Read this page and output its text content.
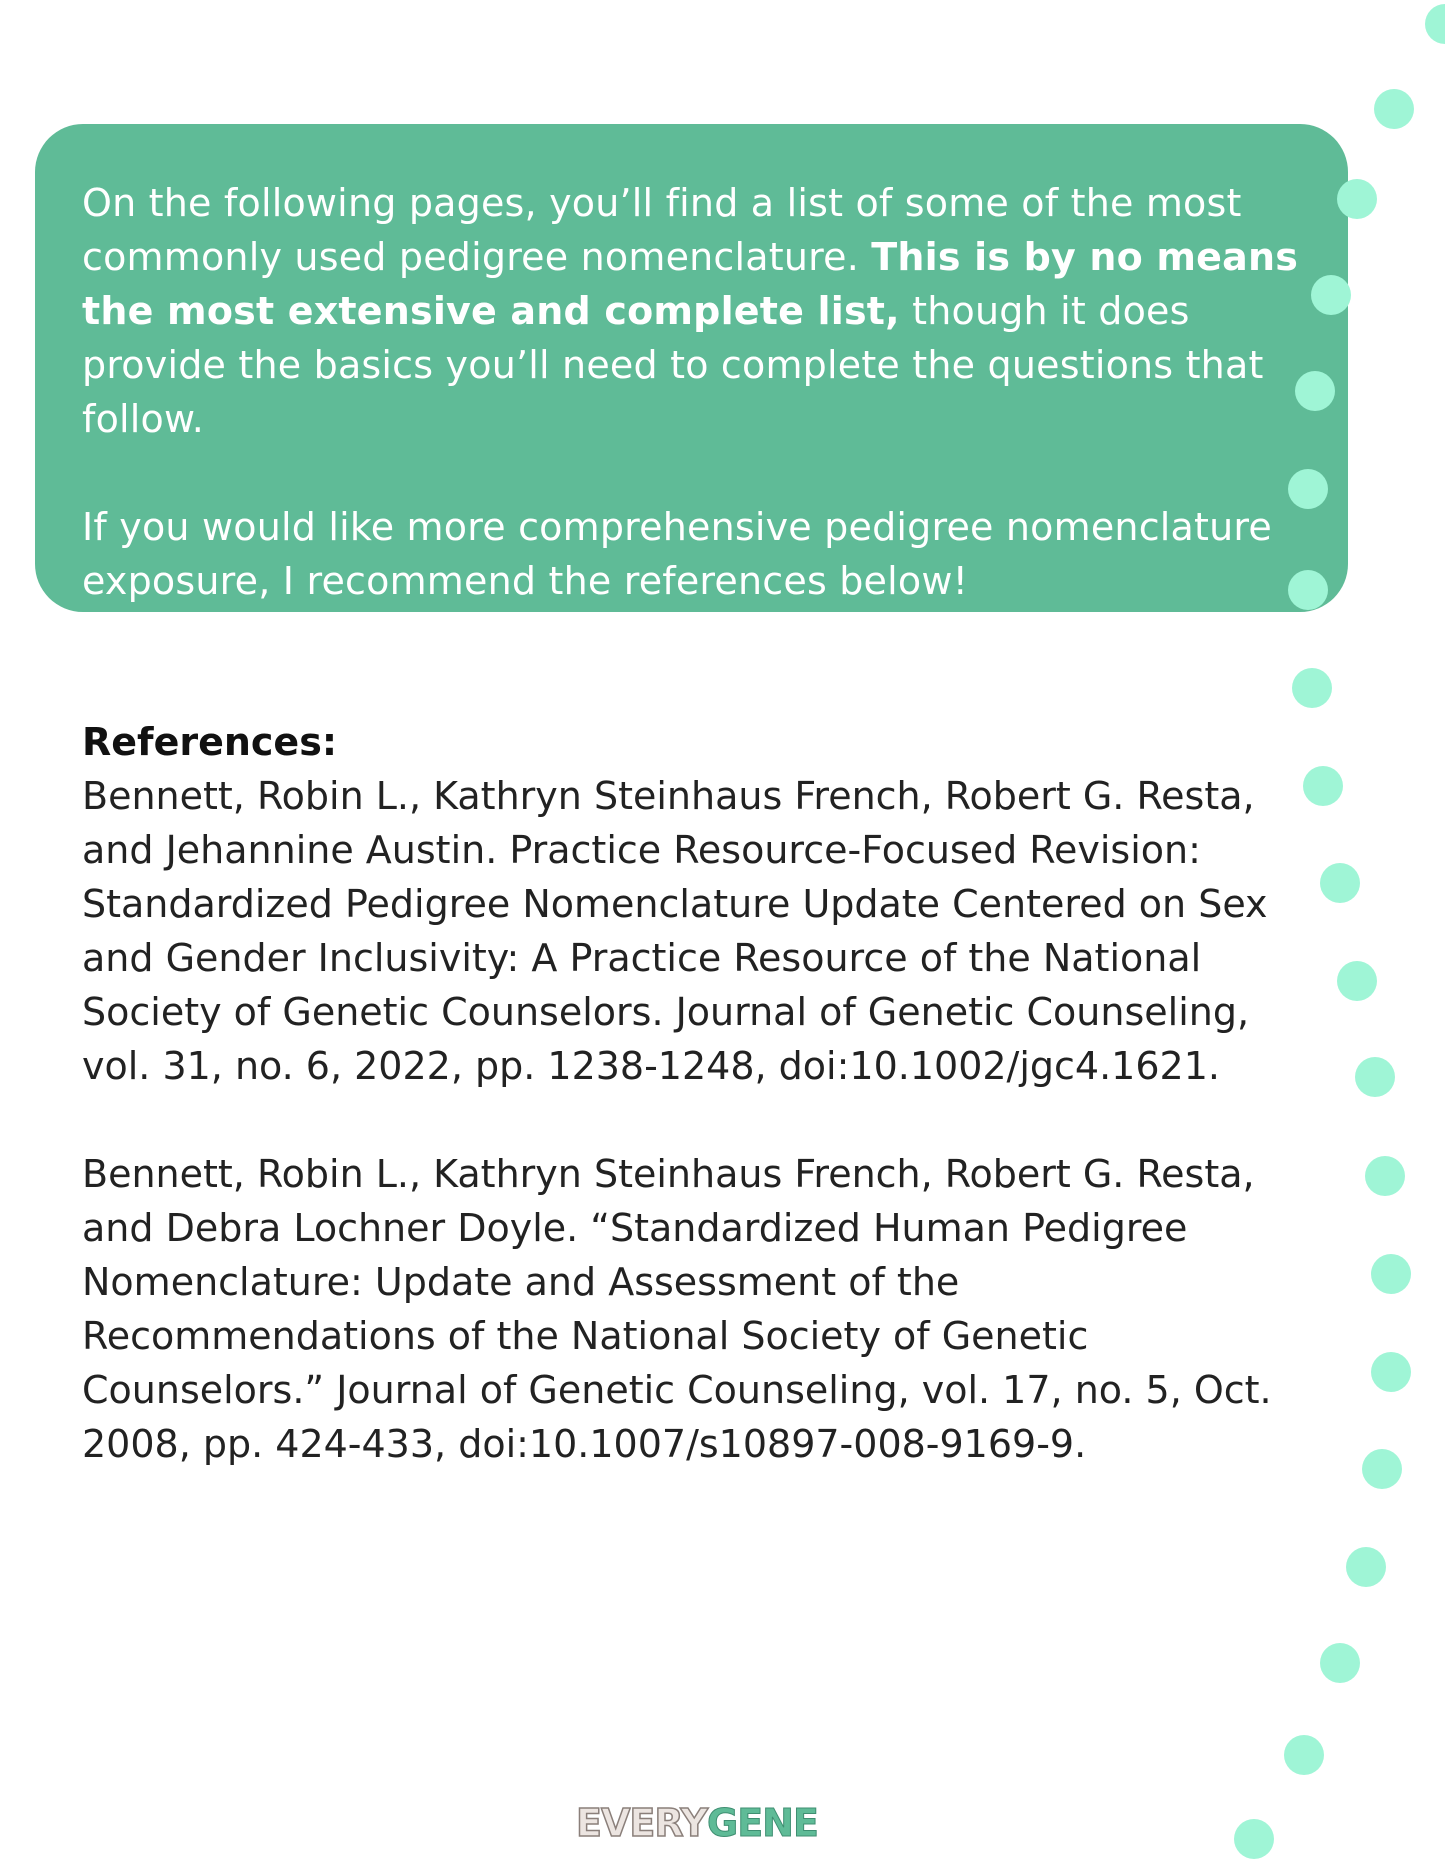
On the following pages, you’ll find a list of some of the most commonly used pedigree nomenclature. This is by no means the most extensive and complete list, though it does provide the basics you’ll need to complete the questions that follow.

If you would like more comprehensive pedigree nomenclature exposure, I recommend the references below!

References:

Bennett, Robin L., Kathryn Steinhaus French, Robert G. Resta, and Jehannine Austin. Practice Resource-Focused Revision: Standardized Pedigree Nomenclature Update Centered on Sex and Gender Inclusivity: A Practice Resource of the National Society of Genetic Counselors. Journal of Genetic Counseling, vol. 31, no. 6, 2022, pp. 1238-1248, doi:10.1002/jgc4.1621.

Bennett, Robin L., Kathryn Steinhaus French, Robert G. Resta, and Debra Lochner Doyle. “Standardized Human Pedigree Nomenclature: Update and Assessment of the Recommendations of the National Society of Genetic Counselors.” Journal of Genetic Counseling, vol. 17, no. 5, Oct. 2008, pp. 424-433, doi:10.1007/s10897-008-9169-9.

EVERYGENE
